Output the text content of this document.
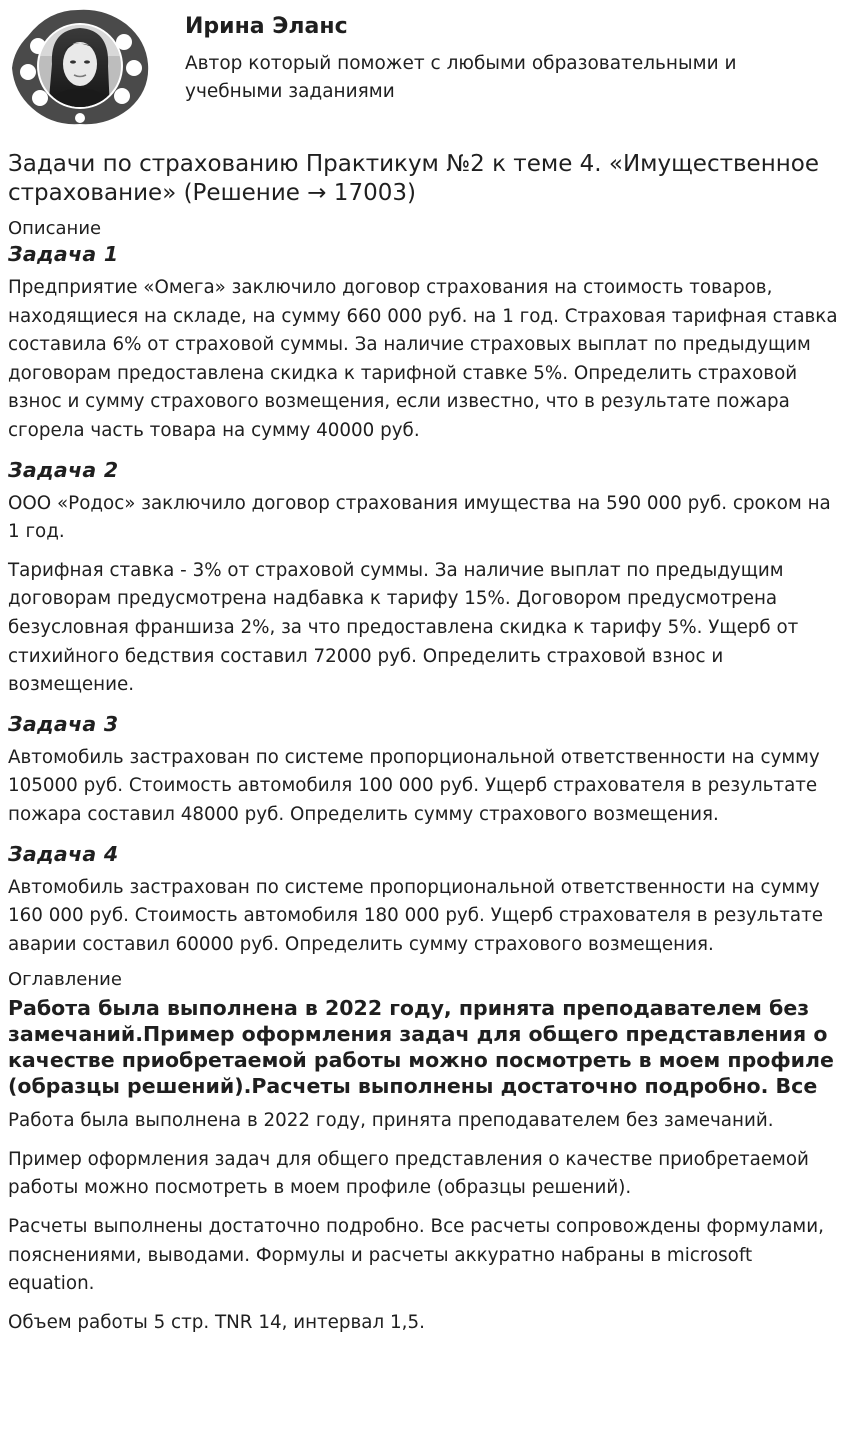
Ирина Эланс

Автор который поможет с любыми образовательными и учебными заданиями

Задачи по страхованию Практикум №2 к теме 4. «Имущественное страхование» (Решение → 17003)
Описание
Задача 1

Предприятие «Омега» заключило договор страхования на стоимость товаров, находящиеся на складе, на сумму 660 000 руб. на 1 год. Страховая тарифная ставка составила 6% от страховой суммы. За наличие страховых выплат по предыдущим договорам предоставлена скидка к тарифной ставке 5%. Определить страховой взнос и сумму страхового возмещения, если известно, что в результате пожара сгорела часть товара на сумму 40000 руб.

Задача 2

ООО «Родос» заключило договор страхования имущества на 590 000 руб. сроком на 1 год.

Тарифная ставка - 3% от страховой суммы. За наличие выплат по предыдущим договорам предусмотрена надбавка к тарифу 15%. Договором предусмотрена безусловная франшиза 2%, за что предоставлена скидка к тарифу 5%. Ущерб от стихийного бедствия составил 72000 руб. Определить страховой взнос и возмещение.

Задача 3

Автомобиль застрахован по системе пропорциональной ответственности на сумму 105000 руб. Стоимость автомобиля 100 000 руб. Ущерб страхователя в результате пожара составил 48000 руб. Определить сумму страхового возмещения.

Задача 4

Автомобиль застрахован по системе пропорциональной ответственности на сумму 160 000 руб. Стоимость автомобиля 180 000 руб. Ущерб страхователя в результате аварии составил 60000 руб. Определить сумму страхового возмещения.

Оглавление
Работа была выполнена в 2022 году, принята преподавателем без замечаний.Пример оформления задач для общего представления о качестве приобретаемой работы можно посмотреть в моем профиле (образцы решений).Расчеты выполнены достаточно подробно. Все

Работа была выполнена в 2022 году, принята преподавателем без замечаний.

Пример оформления задач для общего представления о качестве приобретаемой работы можно посмотреть в моем профиле (образцы решений).

Расчеты выполнены достаточно подробно. Все расчеты сопровождены формулами, пояснениями, выводами. Формулы и расчеты аккуратно набраны в microsoft equation.

Объем работы 5 стр. TNR 14, интервал 1,5.
